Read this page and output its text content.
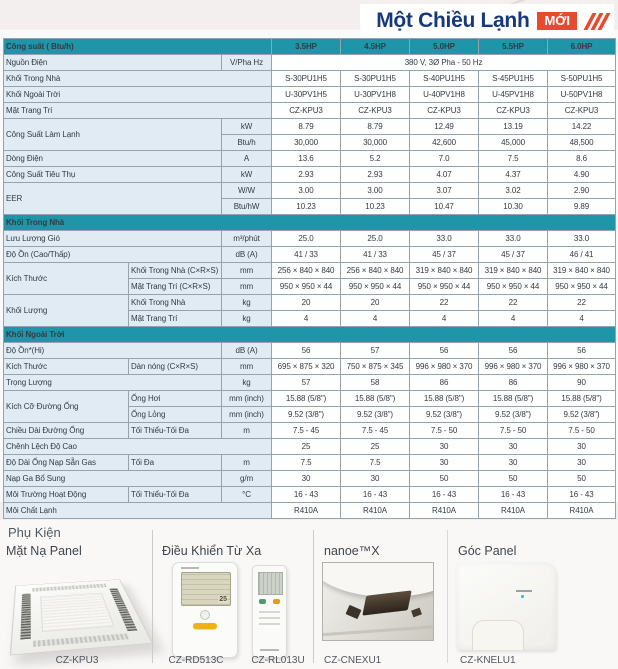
Một Chiều Lạnh	MỚI
Công suất ( Btu/h)			3.5HP	4.5HP	5.0HP	5.5HP	6.0HP
Nguồn Điện		V/Pha Hz	380 V, 3Ø Pha - 50 Hz				
Khối Trong Nhà			S-30PU1H5	S-30PU1H5	S-40PU1H5	S-45PU1H5	S-50PU1H5
Khối Ngoài Trời			U-30PV1H5	U-30PV1H8	U-40PV1H8	U-45PV1H8	U-50PV1H8
Mặt Trang Trí			CZ-KPU3	CZ-KPU3	CZ-KPU3	CZ-KPU3	CZ-KPU3
Công Suất Làm Lạnh		kW	8.79	8.79	12.49	13.19	14.22
		Btu/h	30,000	30,000	42,600	45,000	48,500
Dòng Điện		A	13.6	5.2	7.0	7.5	8.6
Công Suất Tiêu Thụ		kW	2.93	2.93	4.07	4.37	4.90
EER		W/W	3.00	3.00	3.07	3.02	2.90
		Btu/hW	10.23	10.23	10.47	10.30	9.89
Khối Trong Nhà							
Lưu Lượng Gió		m³/phút	25.0	25.0	33.0	33.0	33.0
Độ Ồn (Cao/Thấp)		dB (A)	41 / 33	41 / 33	45 / 37	45 / 37	46 / 41
Kích Thước	Khối Trong Nhà (C×R×S)	mm	256 × 840 × 840	256 × 840 × 840	319 × 840 × 840	319 × 840 × 840	319 × 840 × 840
	Mặt Trang Trí (C×R×S)	mm	950 × 950 × 44	950 × 950 × 44	950 × 950 × 44	950 × 950 × 44	950 × 950 × 44
Khối Lượng	Khối Trong Nhà	kg	20	20	22	22	22
	Mặt Trang Trí	kg	4	4	4	4	4
Khối Ngoài Trời							
Độ Ồn*(Hi)		dB (A)	56	57	56	56	56
Kích Thước	Dàn nóng (C×R×S)	mm	695 × 875 × 320	750 × 875 × 345	996 × 980 × 370	996 × 980 × 370	996 × 980 × 370
Trọng Lượng		kg	57	58	86	86	90
Kích Cỡ Đường Ống	Ống Hơi	mm (inch)	15.88 (5/8")	15.88 (5/8")	15.88 (5/8")	15.88 (5/8")	15.88 (5/8")
	Ống Lỏng	mm (inch)	9.52 (3/8")	9.52 (3/8")	9.52 (3/8")	9.52 (3/8")	9.52 (3/8")
Chiều Dài Đường Ống	Tối Thiểu-Tối Đa	m	7.5 - 45	7.5 - 45	7.5 - 50	7.5 - 50	7.5 - 50
Chênh Lệch Độ Cao			25	25	30	30	30
Độ Dài Ống Nạp Sẵn Gas	Tối Đa	m	7.5	7.5	30	30	30
Nạp Ga Bổ Sung		g/m	30	30	50	50	50
Môi Trường Hoạt Động	Tối Thiểu-Tối Đa	°C	16 - 43	16 - 43	16 - 43	16 - 43	16 - 43
Môi Chất Lạnh			R410A	R410A	R410A	R410A	R410A
Phụ Kiện
Mặt Nạ Panel
CZ-KPU3
Điều Khiển Từ Xa
25
CZ-RD513C	CZ-RL013U
nanoe™X
CZ-CNEXU1
Góc Panel
CZ-KNELU1
